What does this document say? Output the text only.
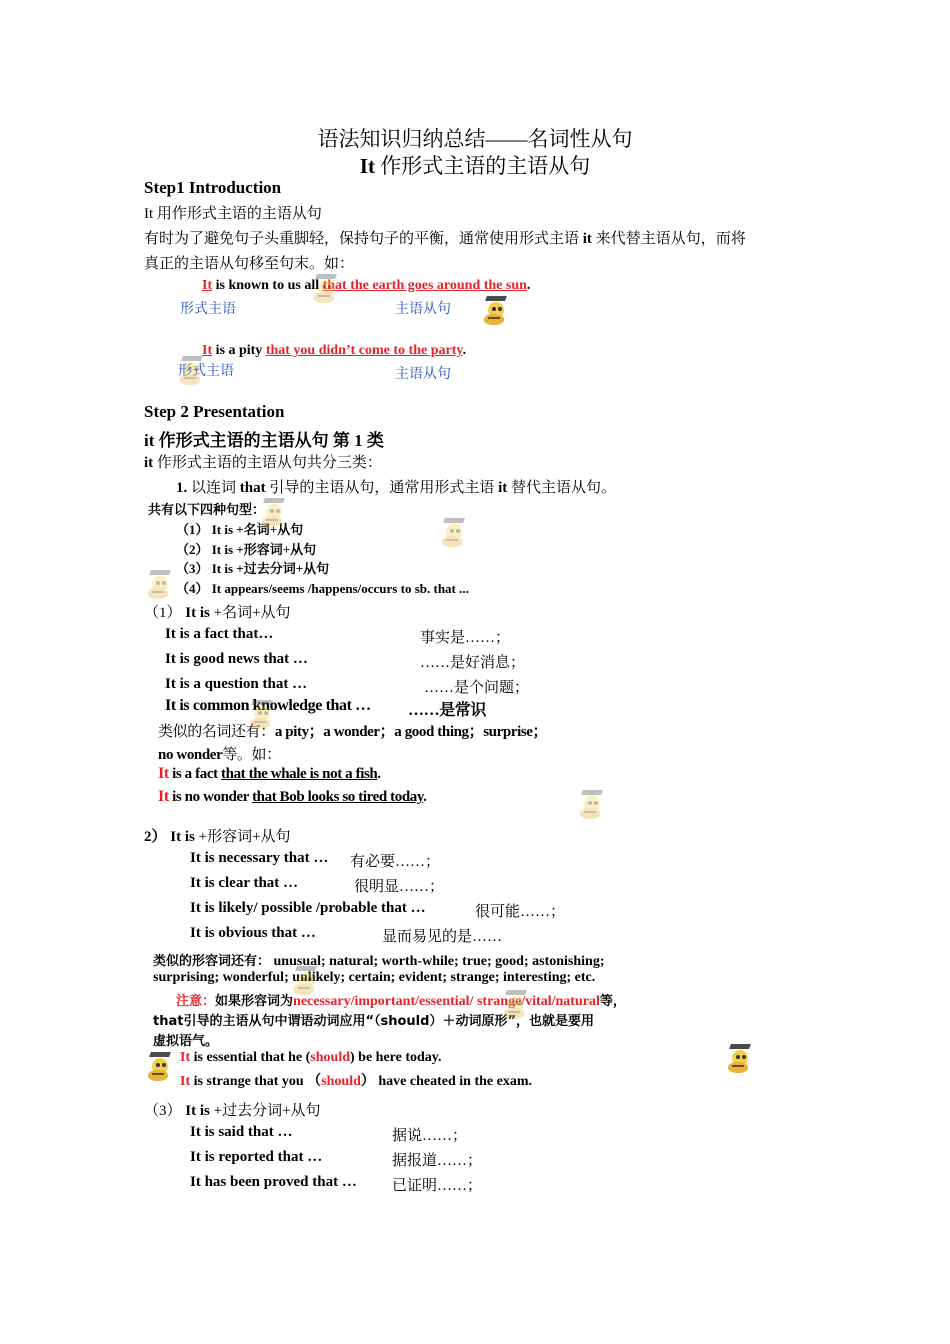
语法知识归纳总结——名词性从句
It 作形式主语的主语从句
Step1 Introduction
It 用作形式主语的主语从句
有时为了避免句子头重脚轻，保持句子的平衡，通常使用形式主语 it 来代替主语从句，而将
真正的主语从句移至句末。如：
It is known to us all that the earth goes around the sun.
形式主语	主语从句
It is a pity that you didn’t come to the party.
形式主语	主语从句
Step 2 Presentation
it 作形式主语的主语从句 第 1 类
it 作形式主语的主语从句共分三类：
1. 以连词 that 引导的主语从句，通常用形式主语 it 替代主语从句。
共有以下四种句型：
（1） It is +名词+从句
（2） It is +形容词+从句
（3） It is +过去分词+从句
（4） It appears/seems /happens/occurs to sb. that ...
（1） It is +名词+从句
It is a fact that…	事实是……；
It is good news that …	……是好消息；
It is a question that …	……是个问题；
It is common knowledge that … ……是常识
类似的名词还有：a pity；a wonder；a good thing；surprise；
no wonder等。如：
It is a fact that the whale is not a fish.
It is no wonder that Bob looks so tired today.
2） It is +形容词+从句
It is necessary that … 有必要……；
It is clear that …	很明显……；
It is likely/ possible /probable that …	很可能……；
It is obvious that …	显而易见的是……
类似的形容词还有： unusual; natural; worth-while; true; good; astonishing;
surprising; wonderful; unlikely; certain; evident; strange; interesting; etc.
注意：如果形容词为necessary/important/essential/ strange/vital/natural等，
that引导的主语从句中谓语动词应用“（should）＋动词原形”，也就是要用
虚拟语气。
It is essential that he (should) be here today.
It is strange that you （should） have cheated in the exam.
（3） It is +过去分词+从句
It is said that …	据说……；
It is reported that …	据报道……；
It has been proved that … 已证明……；
